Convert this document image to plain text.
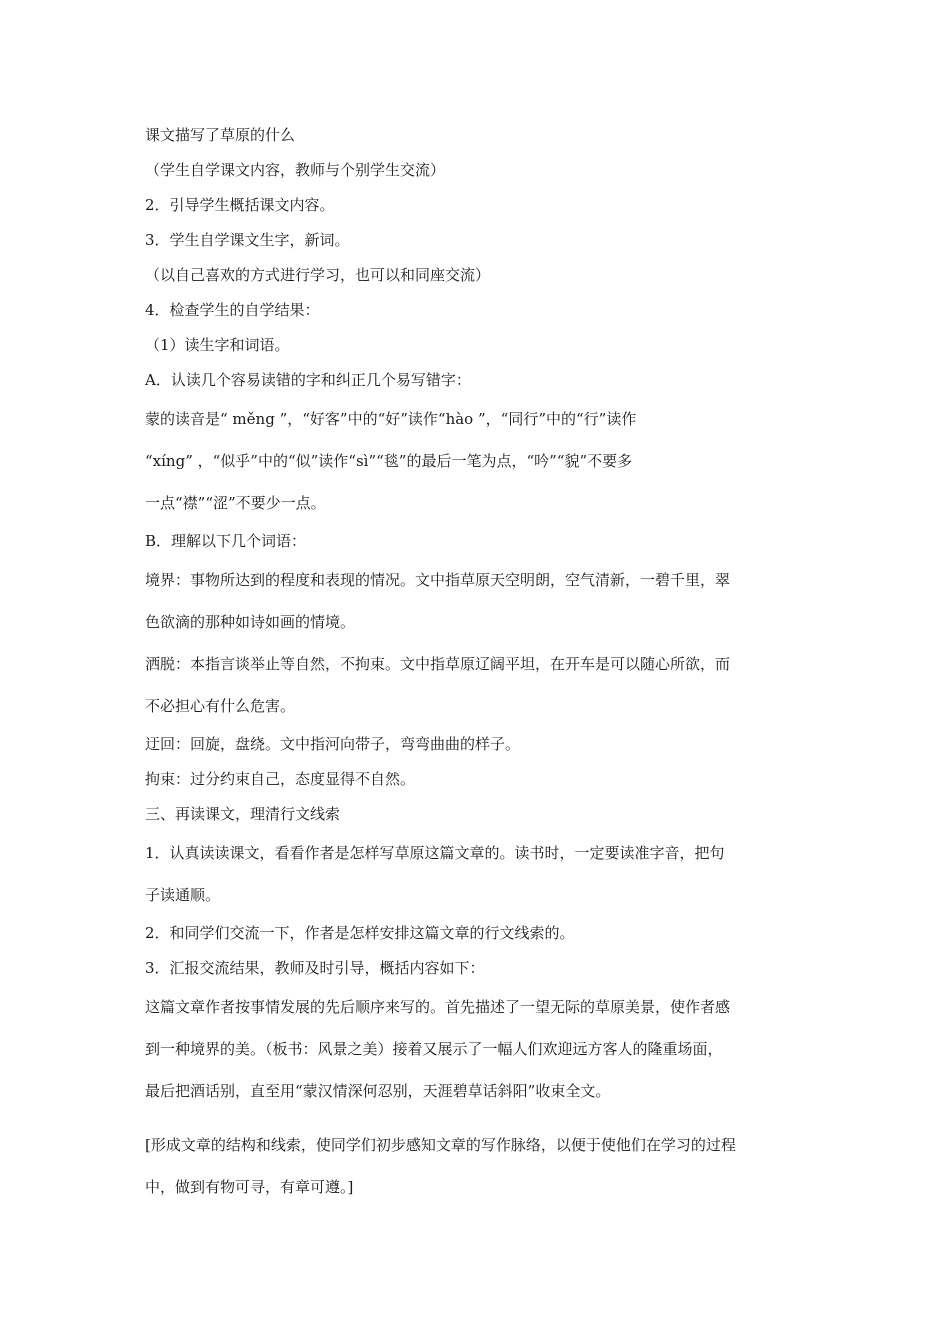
课文描写了草原的什么

（学生自学课文内容，教师与个别学生交流）

2．引导学生概括课文内容。

3．学生自学课文生字，新词。

（以自己喜欢的方式进行学习，也可以和同座交流）

4．检查学生的自学结果：

（1）读生字和词语。

A．认读几个容易读错的字和纠正几个易写错字：

蒙的读音是“ měng ”，“好客”中的“好”读作“hào ”，“同行”中的“行”读作
“xíng” ，“似乎”中的“似”读作“sì”“毯”的最后一笔为点，“吟”“貌”不要多
一点“襟”“涩”不要少一点。

B．理解以下几个词语：

境界：事物所达到的程度和表现的情况。文中指草原天空明朗，空气清新，一碧千里，翠
色欲滴的那种如诗如画的情境。
洒脱：本指言谈举止等自然，不拘束。文中指草原辽阔平坦，在开车是可以随心所欲，而
不必担心有什么危害。

迂回：回旋，盘绕。文中指河向带子，弯弯曲曲的样子。

拘束：过分约束自己，态度显得不自然。

三、再读课文，理清行文线索

1．认真读读课文，看看作者是怎样写草原这篇文章的。读书时，一定要读准字音，把句
子读通顺。

2．和同学们交流一下，作者是怎样安排这篇文章的行文线索的。

3．汇报交流结果，教师及时引导，概括内容如下：

这篇文章作者按事情发展的先后顺序来写的。首先描述了一望无际的草原美景，使作者感
到一种境界的美。（板书：风景之美）接着又展示了一幅人们欢迎远方客人的隆重场面，
最后把酒话别，直至用“蒙汉情深何忍别，天涯碧草话斜阳”收束全文。
[形成文章的结构和线索，使同学们初步感知文章的写作脉络，以便于使他们在学习的过程
中，做到有物可寻，有章可遵。]
